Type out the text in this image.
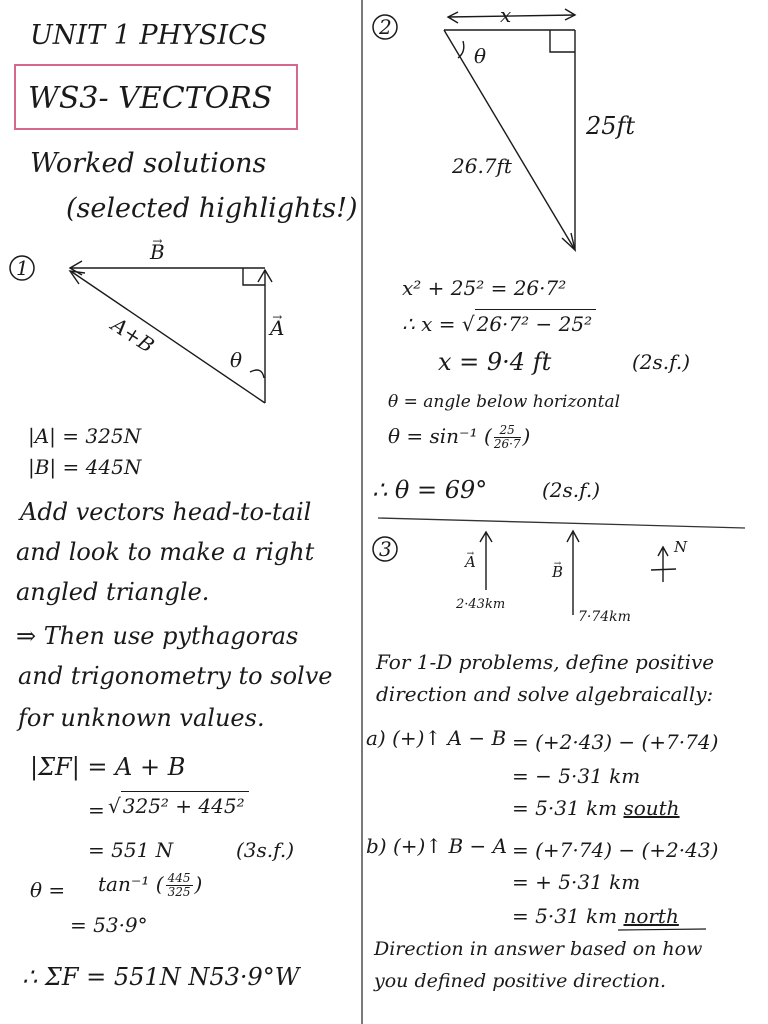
UNIT 1 PHYSICS
WS3- VECTORS
Worked solutions
(selected highlights!)
1
→ B
→ A
A+B
θ
|A| = 325N
|B| = 445N
Add vectors head-to-tail
and look to make a right
angled triangle.
⇒ Then use pythagoras
and trigonometry to solve
for unknown values.
|ΣF| = A + B
= √ 325² + 445²
= 551 N	(3s.f.)
θ = tan⁻¹ ( $\frac{445}{325}$ )
= 53·9°
∴ ΣF = 551N N53·9°W
2	x
θ
25ft
26.7ft
x² + 25² = 26·7²
∴ x = √ 26·7² − 25²
x = 9·4 ft	(2s.f.)
θ = angle below horizontal
θ = sin⁻¹ ( $\frac{25}{26\cdot 7}$ )
∴ θ = 69°	(2s.f.)
3
→ A
2·43km
→ B
7·74km
N
For 1-D problems, define positive
direction and solve algebraically:
a) (+)↑ A − B = (+2·43) − (+7·74)
= − 5·31 km
= 5·31 km south
b) (+)↑ B − A = (+7·74) − (+2·43)
= + 5·31 km
= 5·31 km north
Direction in answer based on how
you defined positive direction.
